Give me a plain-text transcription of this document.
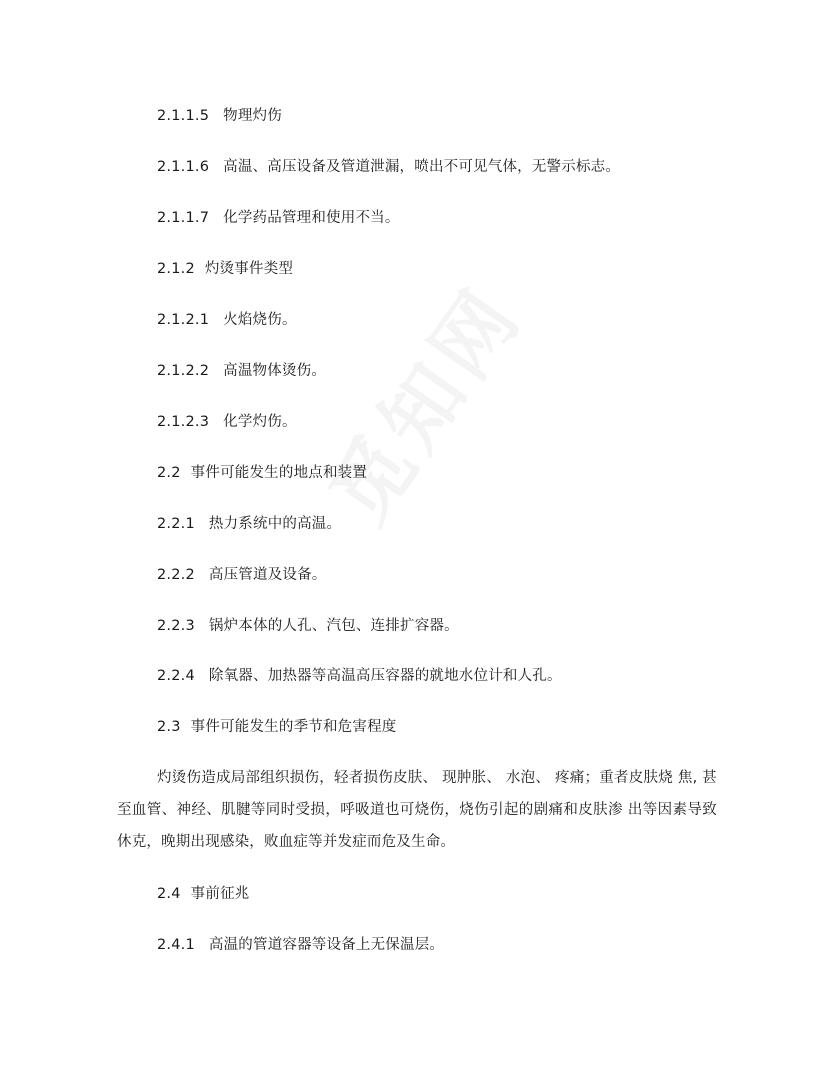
2.1.1.5 物理灼伤
2.1.1.6 高温、高压设备及管道泄漏，喷出不可见气体，无警示标志。
2.1.1.7 化学药品管理和使用不当。
2.1.2 灼烫事件类型
2.1.2.1 火焰烧伤。
2.1.2.2 高温物体烫伤。
2.1.2.3 化学灼伤。
2.2 事件可能发生的地点和装置
2.2.1 热力系统中的高温。
2.2.2 高压管道及设备。
2.2.3 锅炉本体的人孔、汽包、连排扩容器。
2.2.4 除氧器、加热器等高温高压容器的就地水位计和人孔。
2.3 事件可能发生的季节和危害程度
灼烫伤造成局部组织损伤，轻者损伤皮肤、 现肿胀、 水泡、 疼痛；重者皮肤烧 焦, 甚至血管、神经、肌腱等同时受损，呼吸道也可烧伤，烧伤引起的剧痛和皮肤渗 出等因素导致休克，晚期出现感染，败血症等并发症而危及生命。
2.4 事前征兆
2.4.1 高温的管道容器等设备上无保温层。
